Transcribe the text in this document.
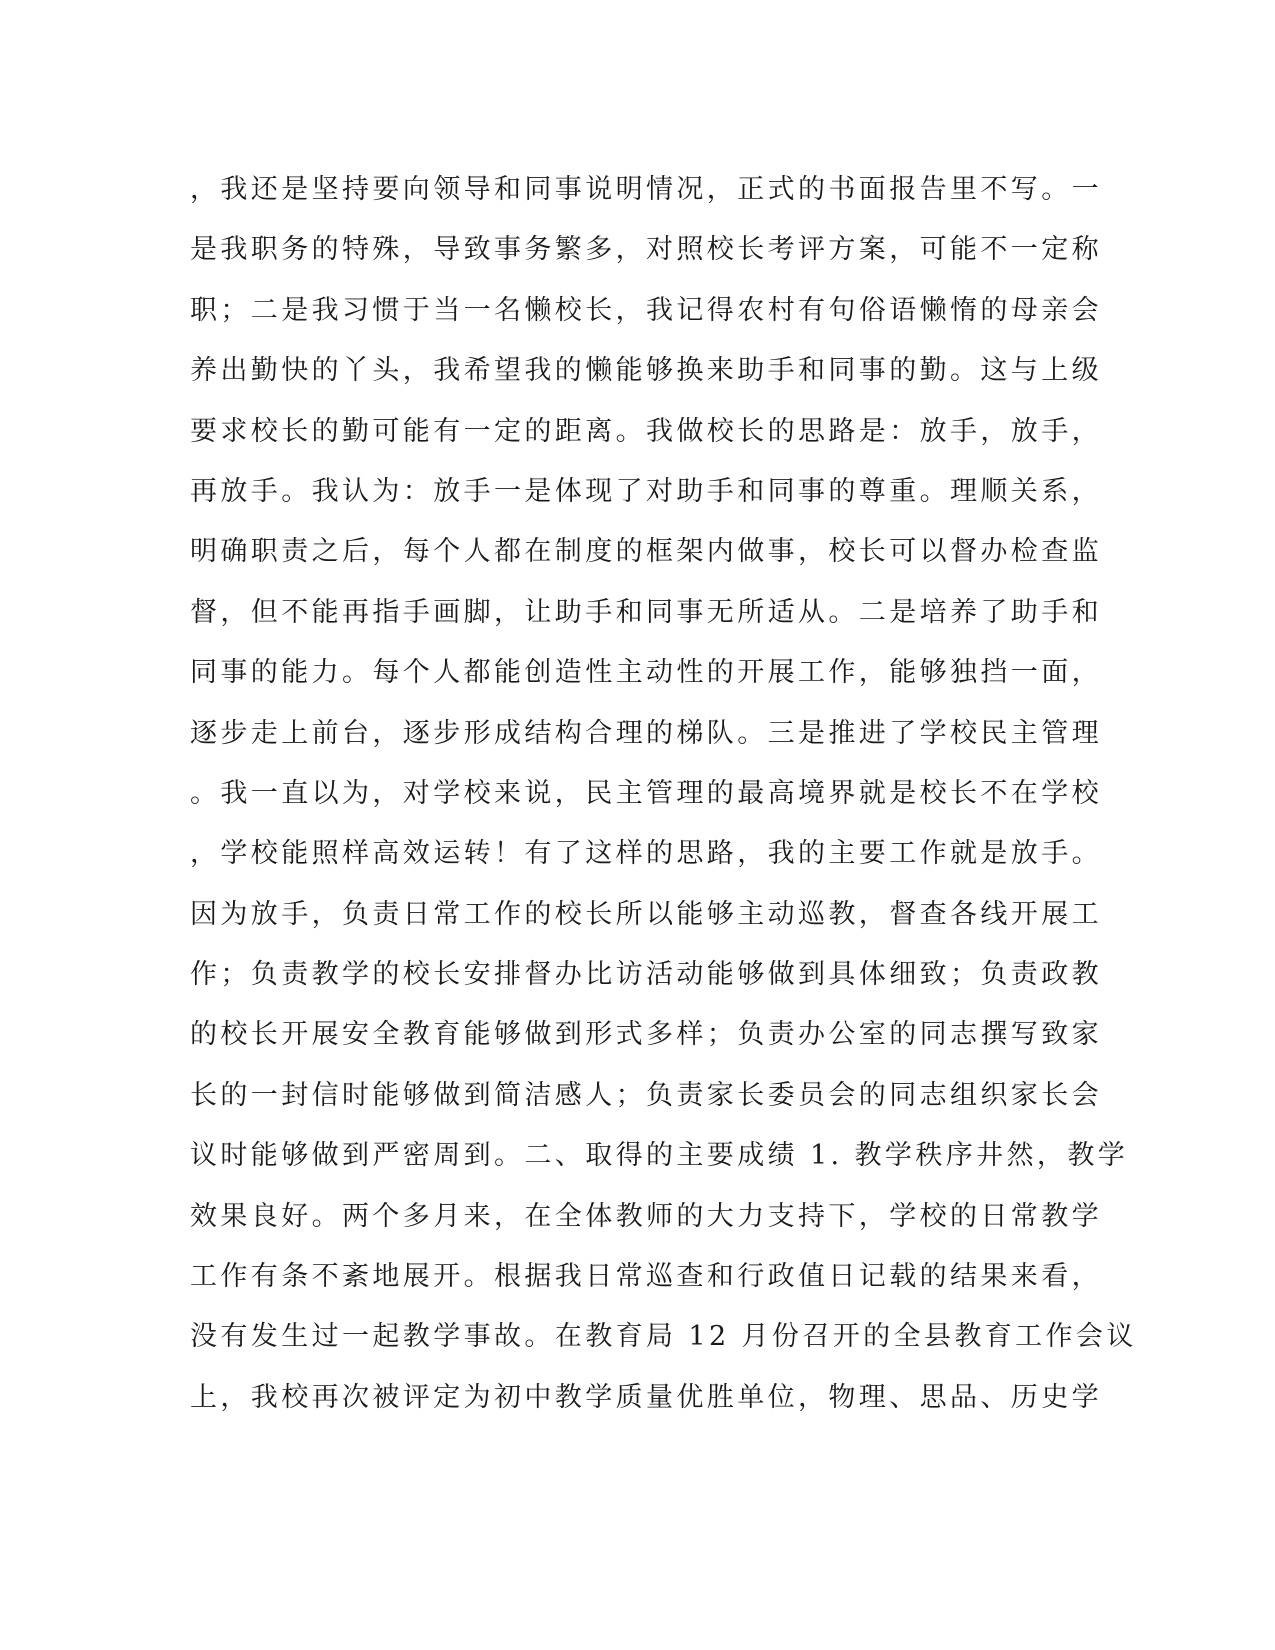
，我还是坚持要向领导和同事说明情况，正式的书面报告里不写。一
是我职务的特殊，导致事务繁多，对照校长考评方案，可能不一定称
职；二是我习惯于当一名懒校长，我记得农村有句俗语懒惰的母亲会
养出勤快的丫头，我希望我的懒能够换来助手和同事的勤。这与上级
要求校长的勤可能有一定的距离。我做校长的思路是：放手，放手，
再放手。我认为：放手一是体现了对助手和同事的尊重。理顺关系，
明确职责之后，每个人都在制度的框架内做事，校长可以督办检查监
督，但不能再指手画脚，让助手和同事无所适从。二是培养了助手和
同事的能力。每个人都能创造性主动性的开展工作，能够独挡一面，
逐步走上前台，逐步形成结构合理的梯队。三是推进了学校民主管理
。我一直以为，对学校来说，民主管理的最高境界就是校长不在学校
，学校能照样高效运转！有了这样的思路，我的主要工作就是放手。
因为放手，负责日常工作的校长所以能够主动巡教，督查各线开展工
作；负责教学的校长安排督办比访活动能够做到具体细致；负责政教
的校长开展安全教育能够做到形式多样；负责办公室的同志撰写致家
长的一封信时能够做到简洁感人；负责家长委员会的同志组织家长会
议时能够做到严密周到。二、取得的主要成绩 1. 教学秩序井然，教学
效果良好。两个多月来，在全体教师的大力支持下，学校的日常教学
工作有条不紊地展开。根据我日常巡查和行政值日记载的结果来看，
没有发生过一起教学事故。在教育局 12 月份召开的全县教育工作会议
上，我校再次被评定为初中教学质量优胜单位，物理、思品、历史学
